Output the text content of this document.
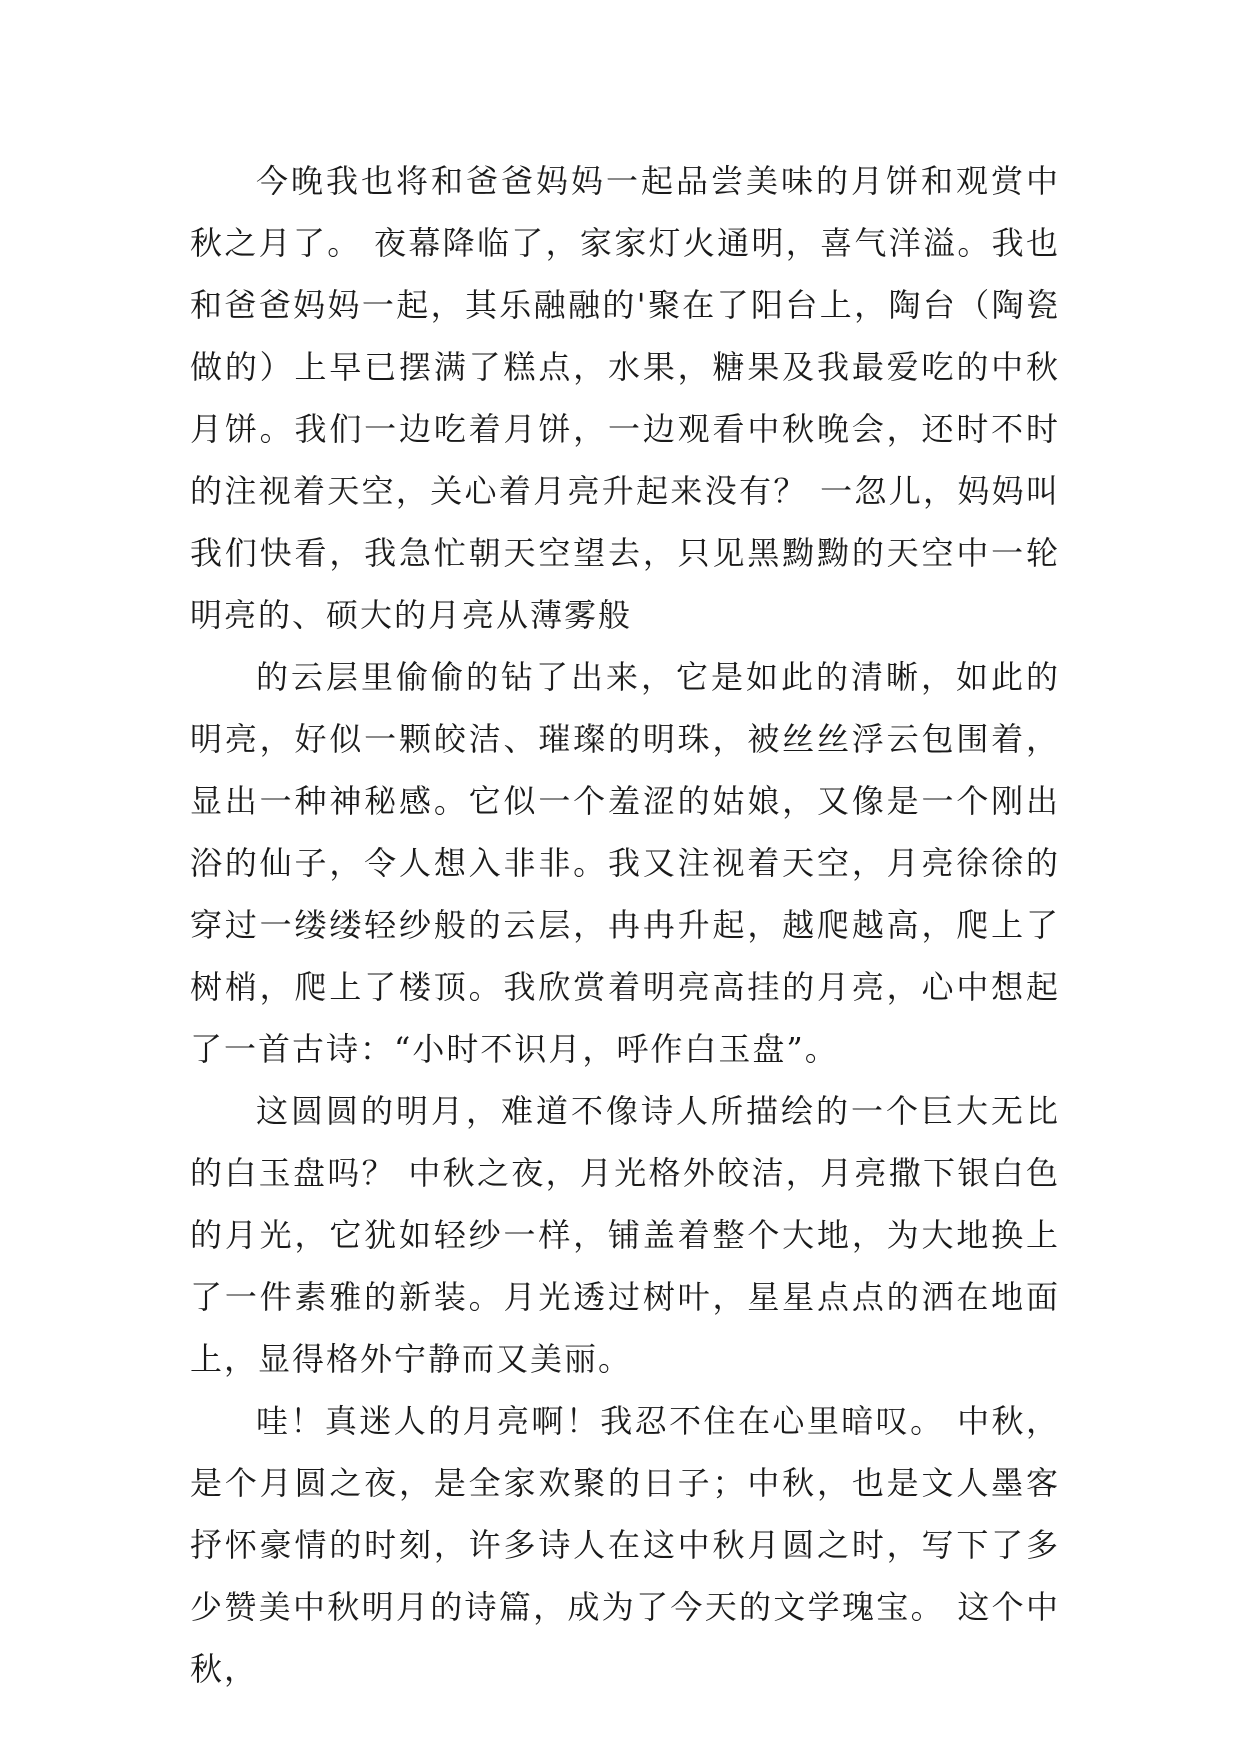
今晚我也将和爸爸妈妈一起品尝美味的月饼和观赏中秋之月了。 夜幕降临了，家家灯火通明，喜气洋溢。我也和爸爸妈妈一起，其乐融融的'聚在了阳台上，陶台（陶瓷做的）上早已摆满了糕点，水果，糖果及我最爱吃的中秋月饼。我们一边吃着月饼，一边观看中秋晚会，还时不时的注视着天空，关心着月亮升起来没有？ 一忽儿，妈妈叫我们快看，我急忙朝天空望去，只见黑黝黝的天空中一轮明亮的、硕大的月亮从薄雾般

的云层里偷偷的钻了出来，它是如此的清晰，如此的明亮，好似一颗皎洁、璀璨的明珠，被丝丝浮云包围着，显出一种神秘感。它似一个羞涩的姑娘，又像是一个刚出浴的仙子，令人想入非非。我又注视着天空，月亮徐徐的穿过一缕缕轻纱般的云层，冉冉升起，越爬越高，爬上了树梢，爬上了楼顶。我欣赏着明亮高挂的月亮，心中想起了一首古诗：“小时不识月，呼作白玉盘”。

这圆圆的明月，难道不像诗人所描绘的一个巨大无比的白玉盘吗？ 中秋之夜，月光格外皎洁，月亮撒下银白色的月光，它犹如轻纱一样，铺盖着整个大地，为大地换上了一件素雅的新装。月光透过树叶，星星点点的洒在地面上，显得格外宁静而又美丽。

哇！真迷人的月亮啊！我忍不住在心里暗叹。 中秋，是个月圆之夜，是全家欢聚的日子；中秋，也是文人墨客抒怀豪情的时刻，许多诗人在这中秋月圆之时，写下了多少赞美中秋明月的诗篇，成为了今天的文学瑰宝。 这个中秋，
